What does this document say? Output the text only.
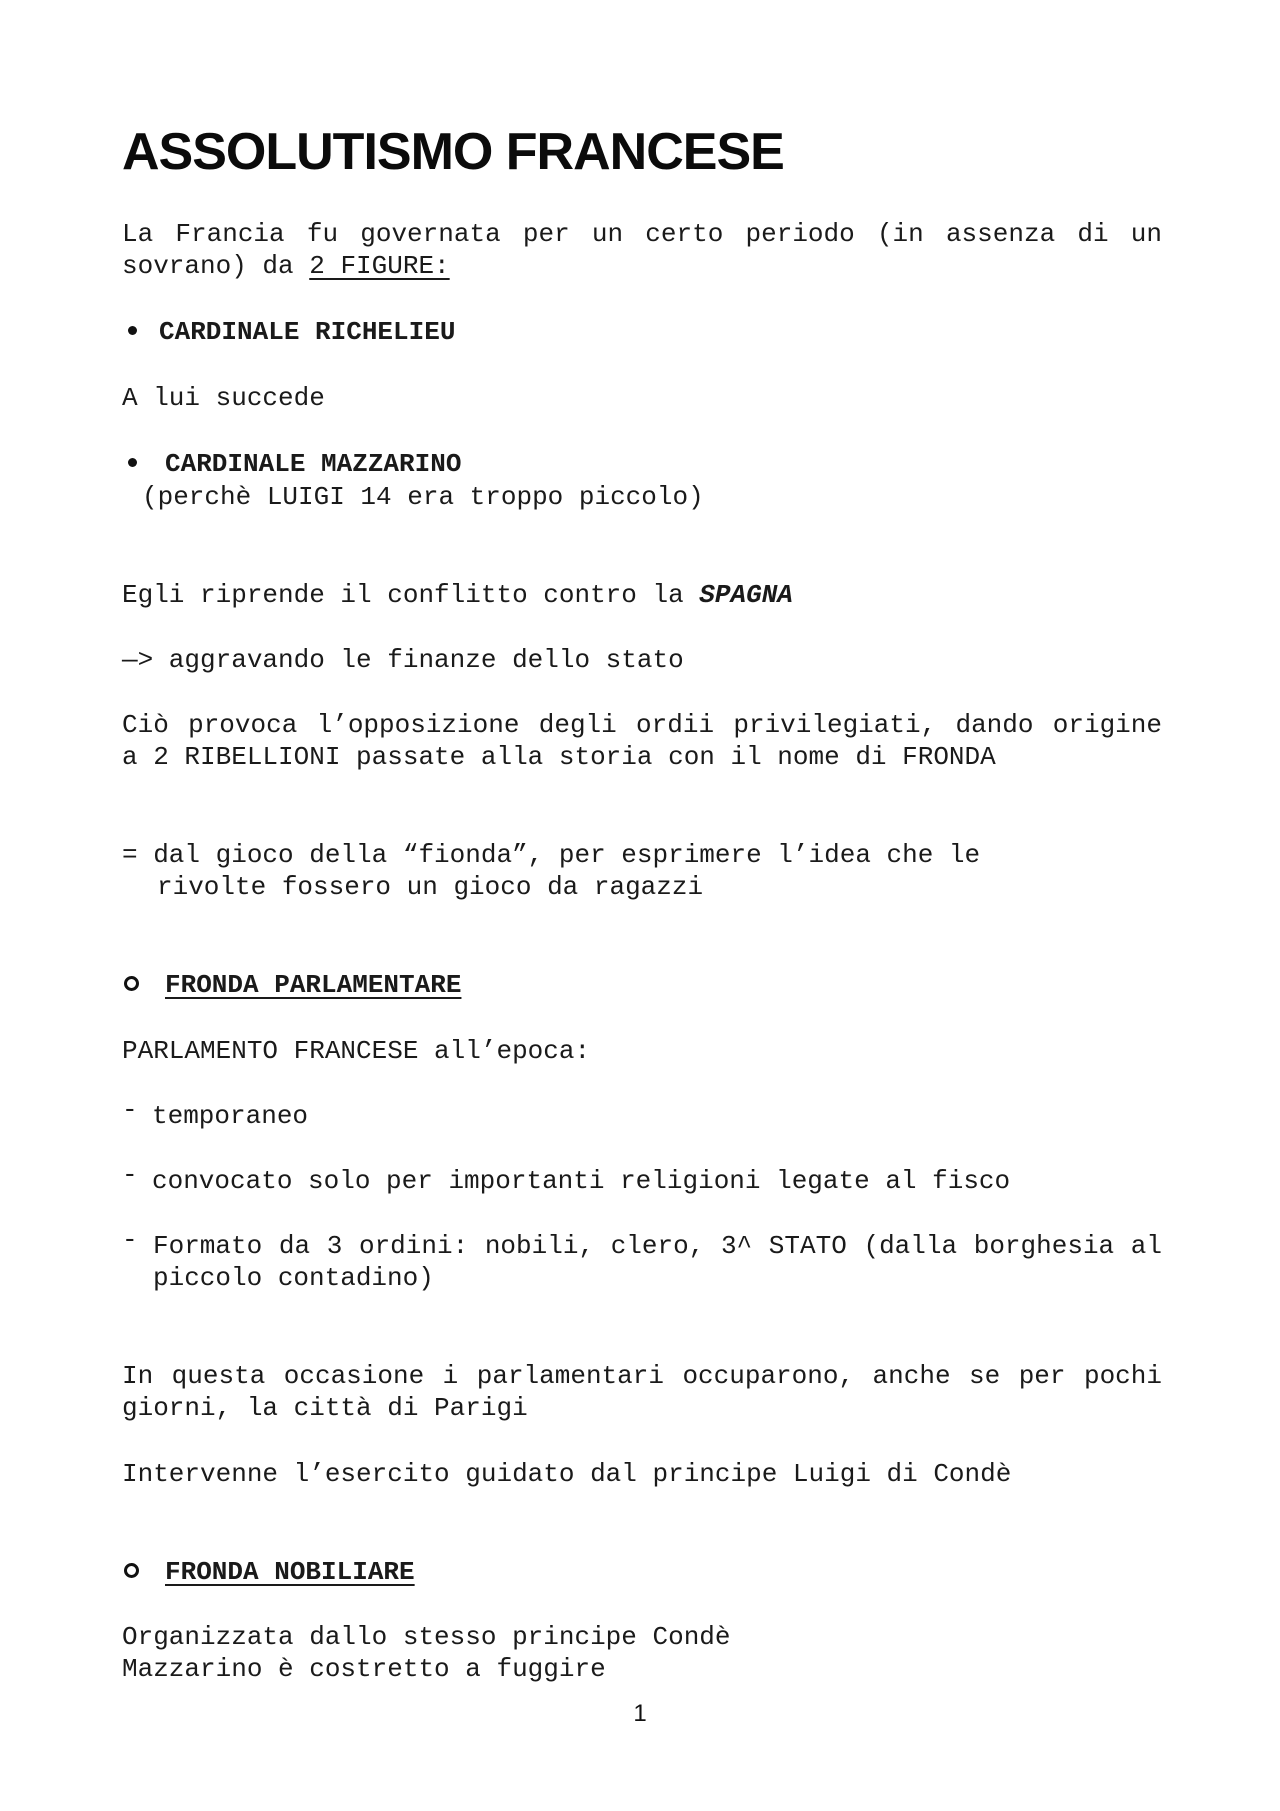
ASSOLUTISMO FRANCESE
La Francia fu governata per un certo periodo (in assenza di un sovrano) da 2 FIGURE:
CARDINALE RICHELIEU
A lui succede
CARDINALE MAZZARINO
(perchè LUIGI 14 era troppo piccolo)
Egli riprende il conflitto contro la SPAGNA
—> aggravando le finanze dello stato
Ciò provoca l’opposizione degli ordii privilegiati, dando origine a 2 RIBELLIONI passate alla storia con il nome di FRONDA
= dal gioco della “fionda”, per esprimere l’idea che le
rivolte fossero un gioco da ragazzi
FRONDA PARLAMENTARE
PARLAMENTO FRANCESE all’epoca:
- temporaneo
- convocato solo per importanti religioni legate al fisco
- Formato da 3 ordini: nobili, clero, 3^ STATO (dalla borghesia al piccolo contadino)
In questa occasione i parlamentari occuparono, anche se per pochi giorni, la città di Parigi
Intervenne l’esercito guidato dal principe Luigi di Condè
FRONDA NOBILIARE
Organizzata dallo stesso principe Condè
Mazzarino è costretto a fuggire
1
